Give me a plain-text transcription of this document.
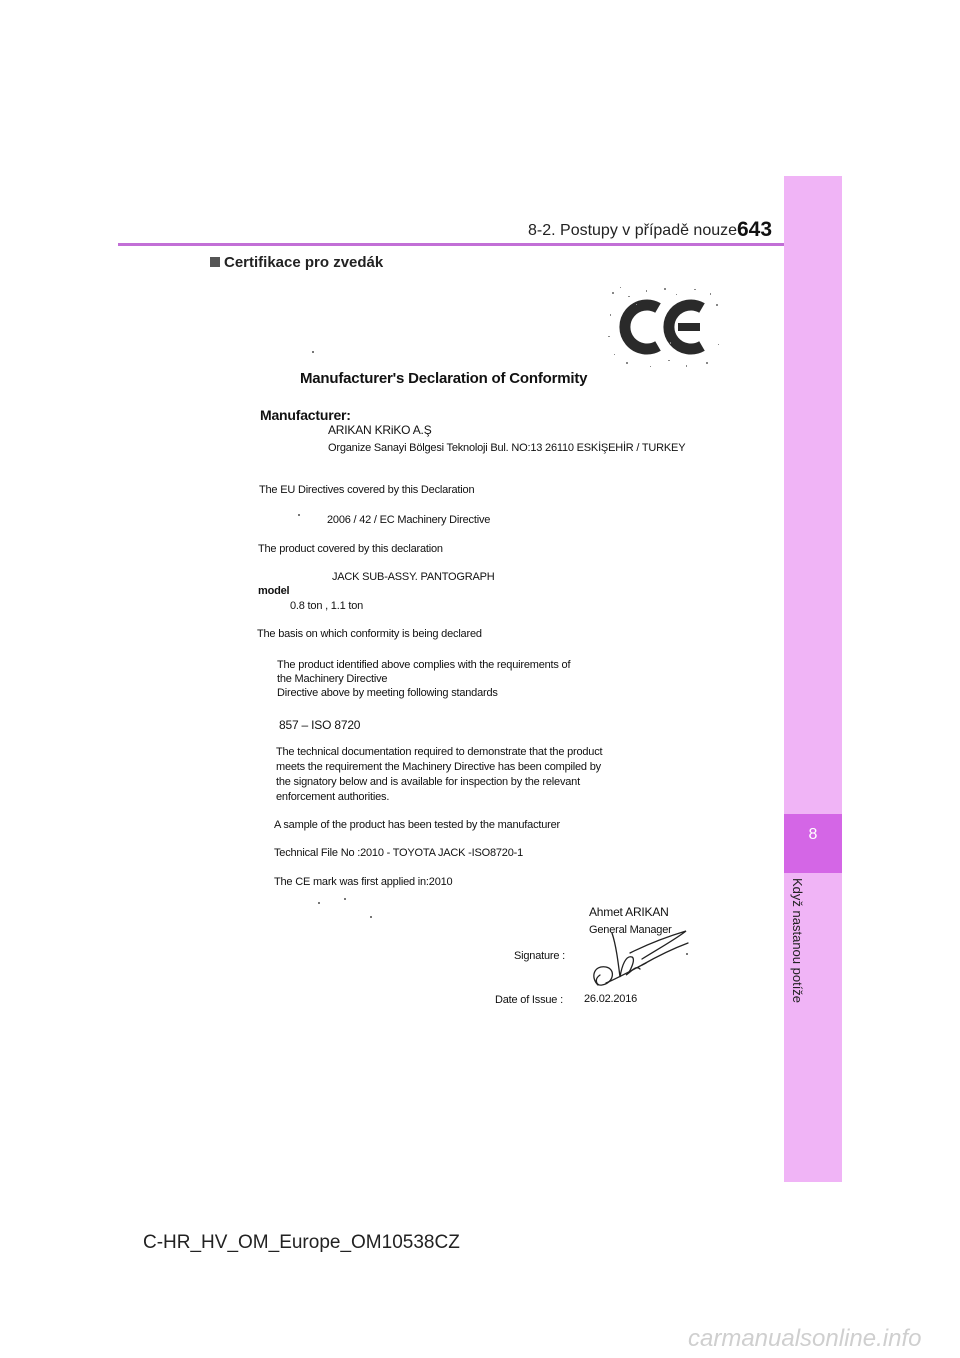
8
Když nastanou potíže
8-2. Postupy v případě nouze 643
Certifikace pro zvedák
Manufacturer's Declaration of Conformity
Manufacturer:
ARIKAN KRiKO A.Ş
Organize Sanayi Bölgesi Teknoloji Bul. NO:13 26110 ESKİŞEHİR / TURKEY
The EU Directives covered by this Declaration
2006 / 42 / EC Machinery Directive
The product covered by this declaration
JACK SUB-ASSY. PANTOGRAPH
model
0.8 ton , 1.1 ton
The basis on which conformity is being declared
The product identified above complies with the requirements of
the Machinery Directive
Directive above by meeting following standards
857 – ISO 8720
The technical documentation required to demonstrate that the product
meets the requirement the Machinery Directive has been compiled by
the signatory below and is available for inspection by the relevant
enforcement authorities.
A sample of the product has been tested by the manufacturer
Technical File No :2010 - TOYOTA JACK -ISO8720-1
The CE mark was first applied in:2010
Ahmet ARIKAN
General Manager
Signature :
Date of Issue : 26.02.2016
C-HR_HV_OM_Europe_OM10538CZ
carmanualsonline.info
